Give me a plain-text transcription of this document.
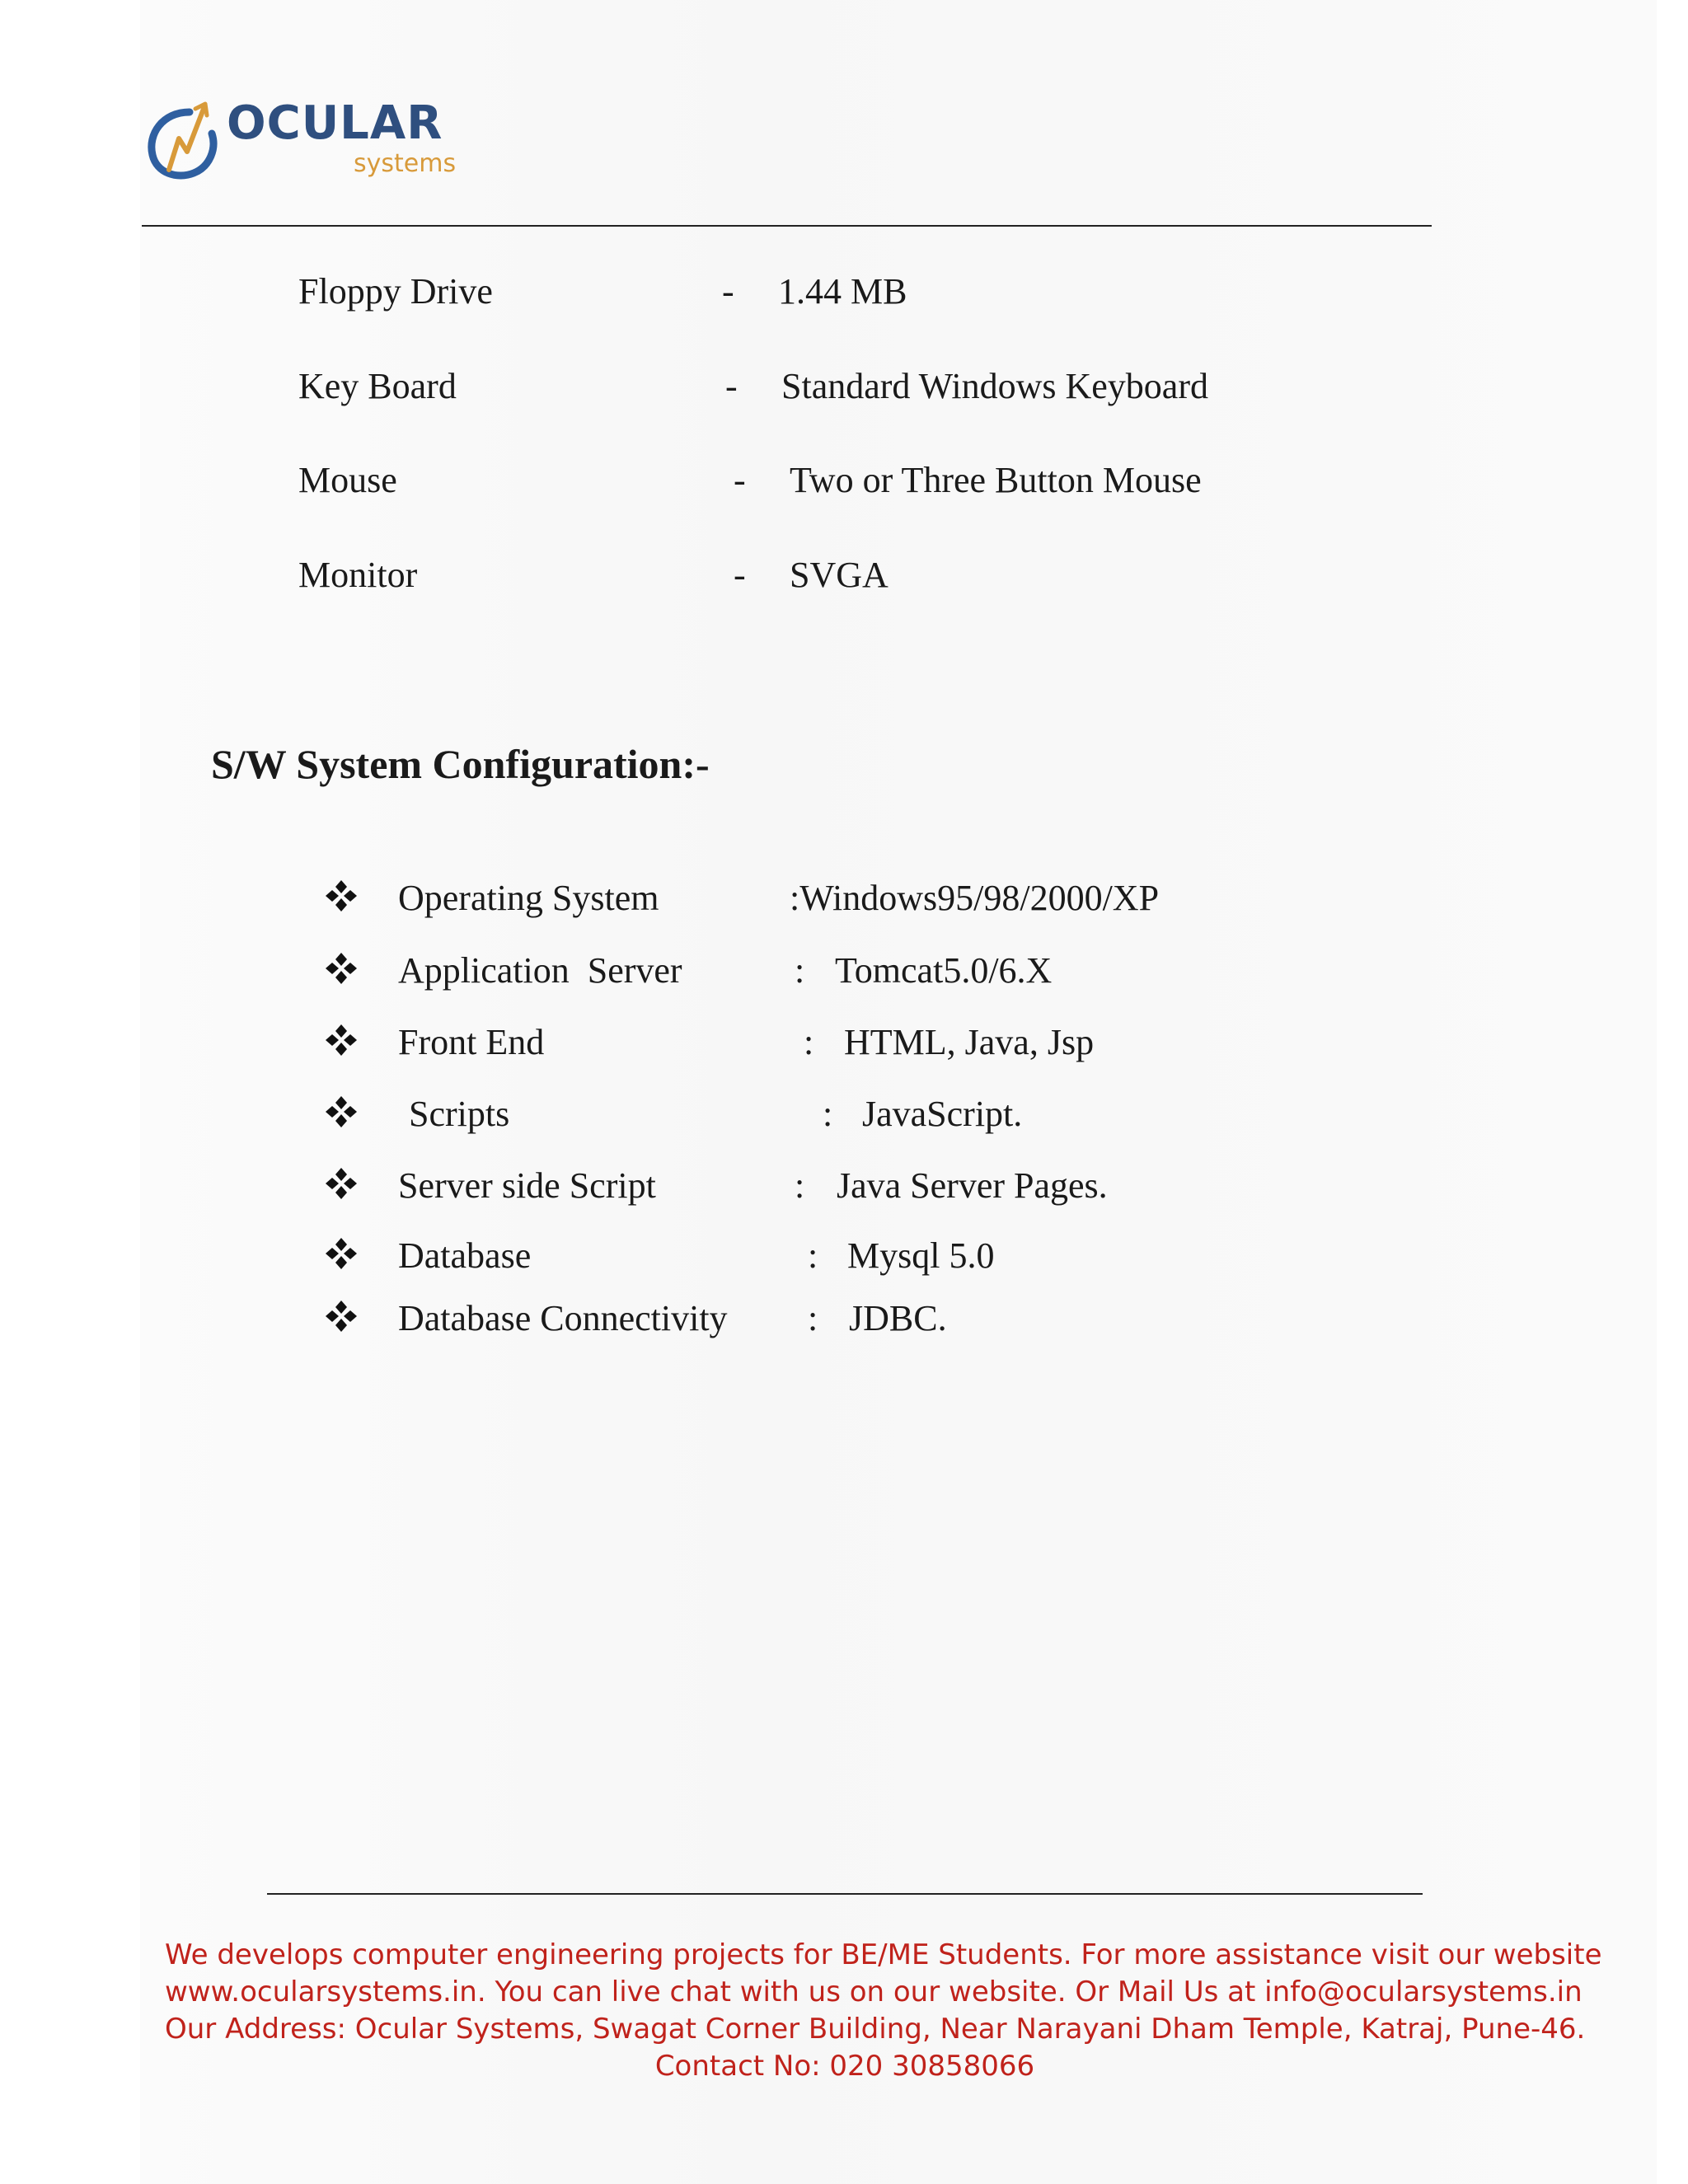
OCULAR
systems
Floppy Drive	- 1.44 MB
Key Board	- Standard Windows Keyboard
Mouse	- Two or Three Button Mouse
Monitor	- SVGA
S/W System Configuration:-
Operating System	:Windows95/98/2000/XP
Application  Server	: Tomcat5.0/6.X
Front End	: HTML, Java, Jsp
Scripts	: JavaScript.
Server side Script	: Java Server Pages.
Database	: Mysql 5.0
Database Connectivity : JDBC.
We develops computer engineering projects for BE/ME Students. For more assistance visit our website
www.ocularsystems.in. You can live chat with us on our website. Or Mail Us at info@ocularsystems.in
Our Address: Ocular Systems, Swagat Corner Building, Near Narayani Dham Temple, Katraj, Pune-46.
Contact No: 020 30858066
